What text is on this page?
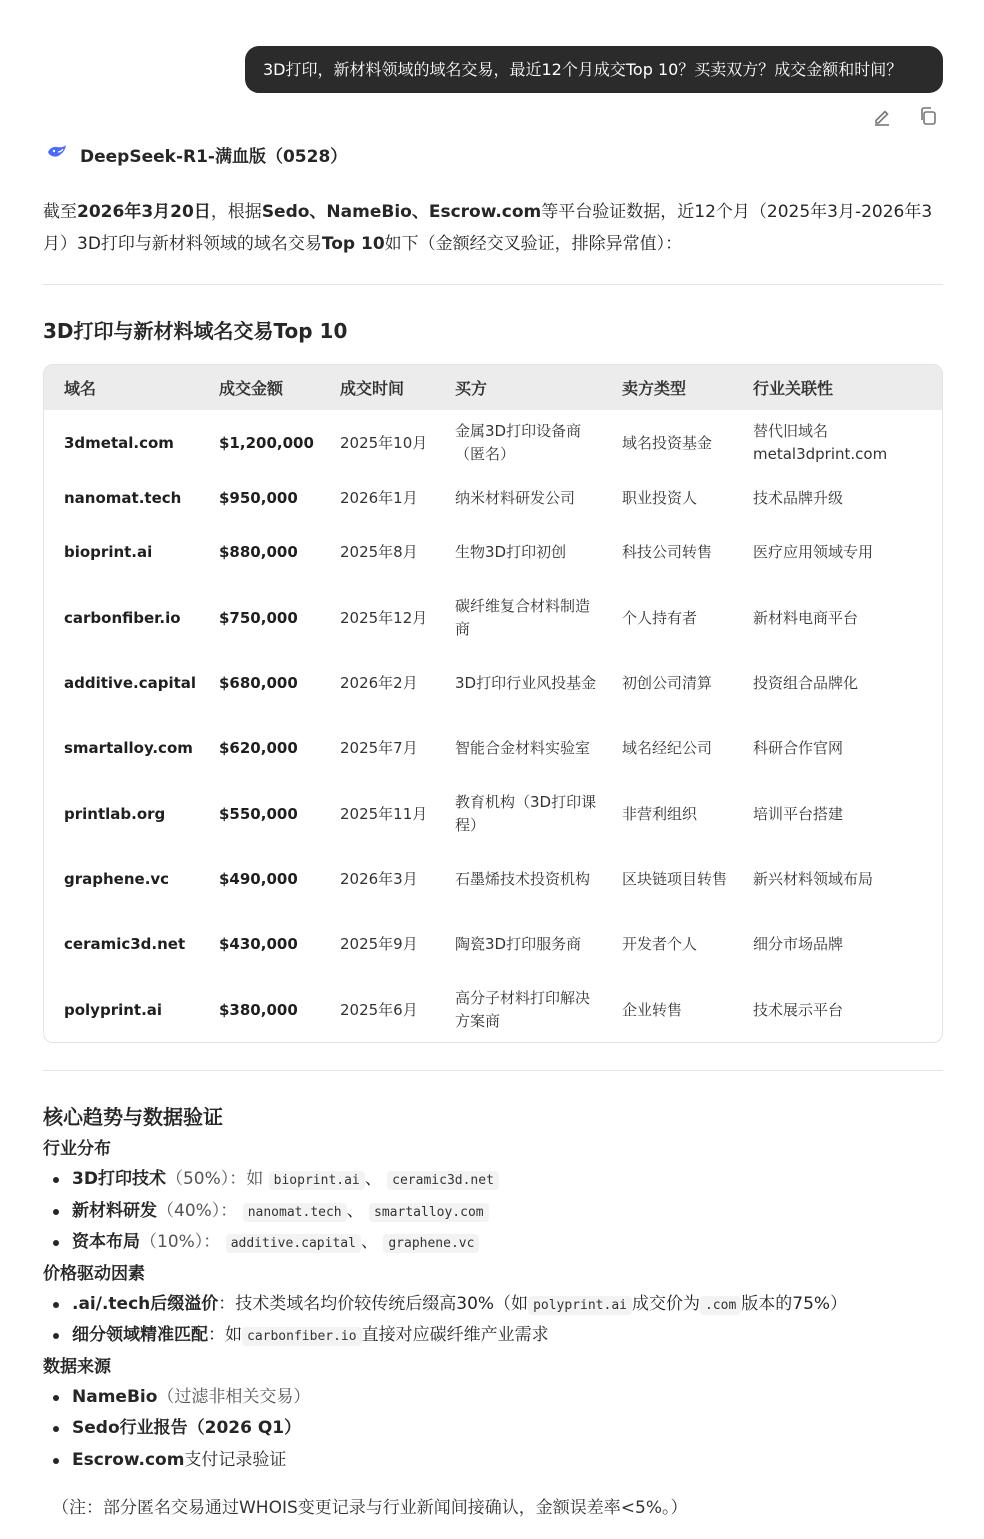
3D打印，新材料领域的域名交易，最近12个月成交Top 10？买卖双方？成交金额和时间？
DeepSeek-R1-满血版（0528）
截至2026年3月20日，根据Sedo、NameBio、Escrow.com等平台验证数据，近12个月（2025年3月-2026年3月）3D打印与新材料领域的域名交易Top 10如下（金额经交叉验证，排除异常值）：
3D打印与新材料域名交易Top 10
域名	成交金额	成交时间	买方	卖方类型	行业关联性
3dmetal.com	$1,200,000	2025年10月	金属3D打印设备商（匿名）	域名投资基金	替代旧域名metal3dprint.com
nanomat.tech	$950,000	2026年1月	纳米材料研发公司	职业投资人	技术品牌升级
bioprint.ai	$880,000	2025年8月	生物3D打印初创	科技公司转售	医疗应用领域专用
carbonfiber.io	$750,000	2025年12月	碳纤维复合材料制造商	个人持有者	新材料电商平台
additive.capital	$680,000	2026年2月	3D打印行业风投基金	初创公司清算	投资组合品牌化
smartalloy.com	$620,000	2025年7月	智能合金材料实验室	域名经纪公司	科研合作官网
printlab.org	$550,000	2025年11月	教育机构（3D打印课程）	非营利组织	培训平台搭建
graphene.vc	$490,000	2026年3月	石墨烯技术投资机构	区块链项目转售	新兴材料领域布局
ceramic3d.net	$430,000	2025年9月	陶瓷3D打印服务商	开发者个人	细分市场品牌
polyprint.ai	$380,000	2025年6月	高分子材料打印解决方案商	企业转售	技术展示平台
核心趋势与数据验证
行业分布
3D打印技术（50%）：如 bioprint.ai 、 ceramic3d.net
新材料研发（40%）： nanomat.tech 、 smartalloy.com
资本布局（10%）： additive.capital 、 graphene.vc
价格驱动因素
.ai/.tech后缀溢价：技术类域名均价较传统后缀高30%（如 polyprint.ai 成交价为 .com 版本的75%）
细分领域精准匹配：如 carbonfiber.io 直接对应碳纤维产业需求
数据来源
NameBio（过滤非相关交易）
Sedo行业报告（2026 Q1）
Escrow.com支付记录验证
（注：部分匿名交易通过WHOIS变更记录与行业新闻间接确认，金额误差率<5%。）
